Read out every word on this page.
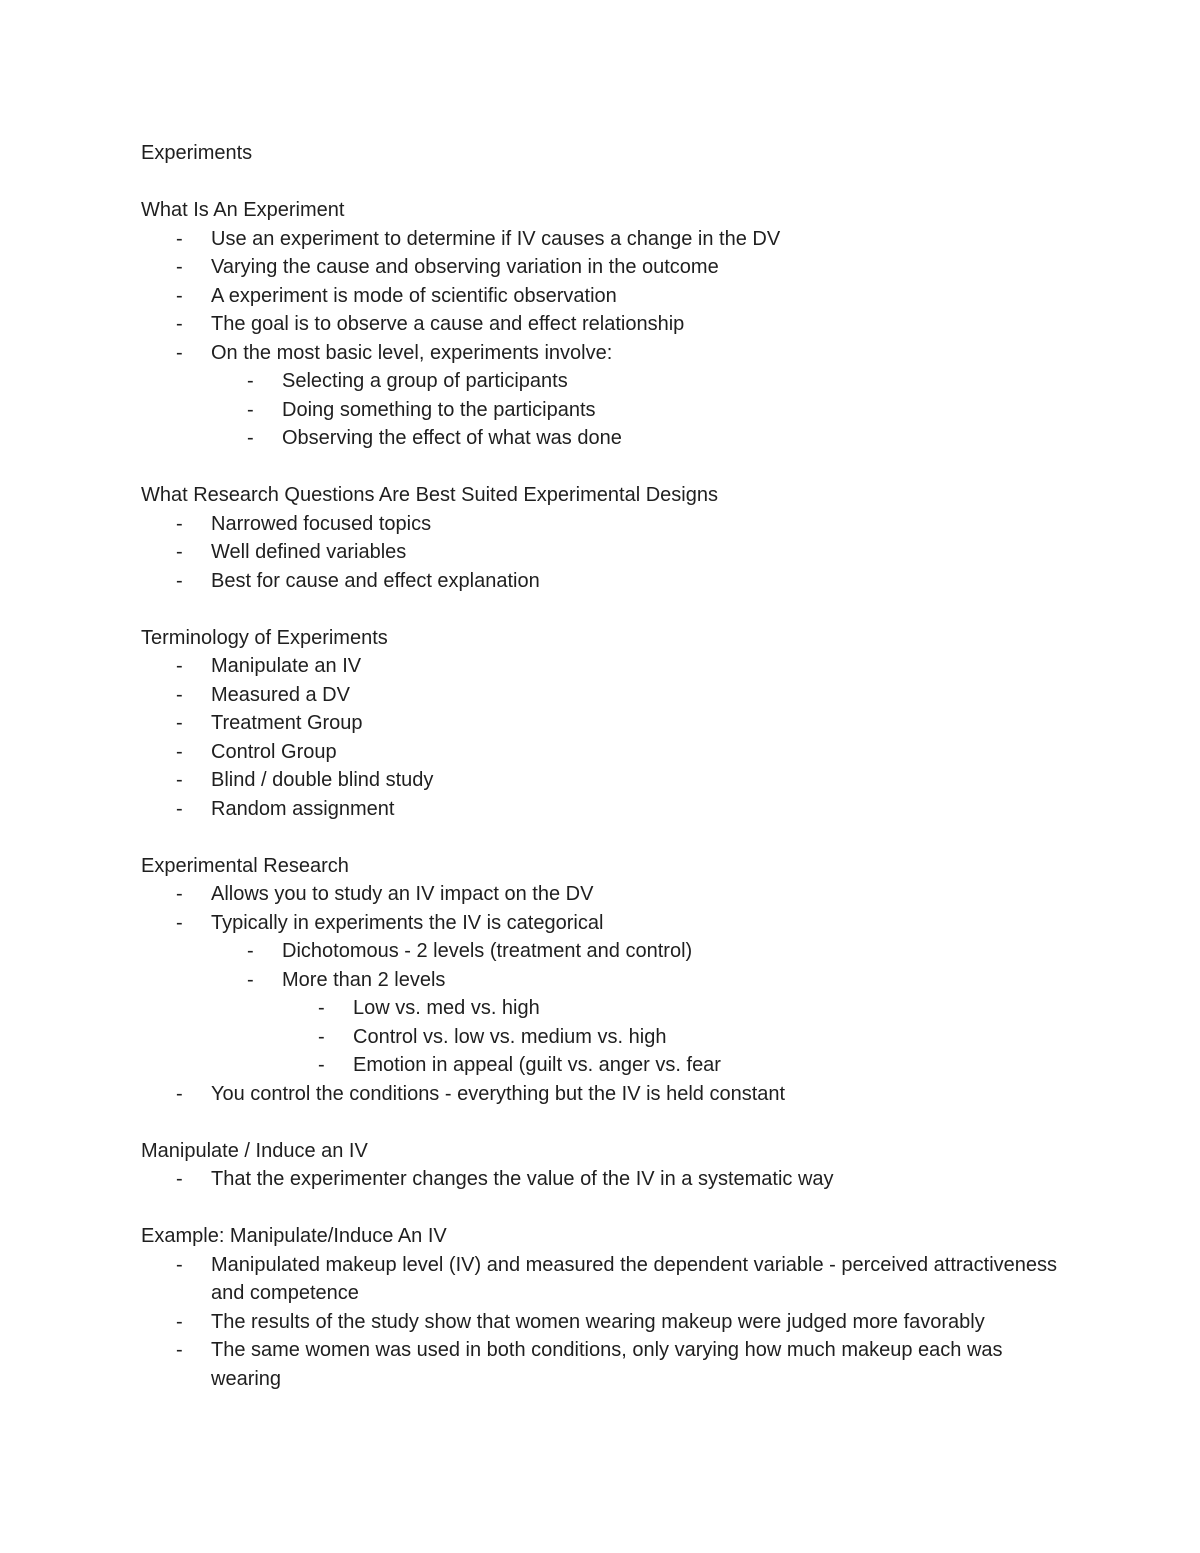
Experiments

What Is An Experiment

-	Use an experiment to determine if IV causes a change in the DV
-	Varying the cause and observing variation in the outcome
-	A experiment is mode of scientific observation
-	The goal is to observe a cause and effect relationship
-	On the most basic level, experiments involve:
-	Selecting a group of participants
-	Doing something to the participants
-	Observing the effect of what was done

What Research Questions Are Best Suited Experimental Designs

-	Narrowed focused topics
-	Well defined variables
-	Best for cause and effect explanation

Terminology of Experiments

-	Manipulate an IV
-	Measured a DV
-	Treatment Group
-	Control Group
-	Blind / double blind study
-	Random assignment

Experimental Research

-	Allows you to study an IV impact on the DV
-	Typically in experiments the IV is categorical
-	Dichotomous - 2 levels (treatment and control)
-	More than 2 levels
-	Low vs. med vs. high
-	Control vs. low vs. medium vs. high
-	Emotion in appeal (guilt vs. anger vs. fear
-	You control the conditions - everything but the IV is held constant

Manipulate / Induce an IV

-	That the experimenter changes the value of the IV in a systematic way

Example: Manipulate/Induce An IV

-	Manipulated makeup level (IV) and measured the dependent variable - perceived attractiveness and competence
-	The results of the study show that women wearing makeup were judged more favorably
-	The same women was used in both conditions, only varying how much makeup each was wearing
